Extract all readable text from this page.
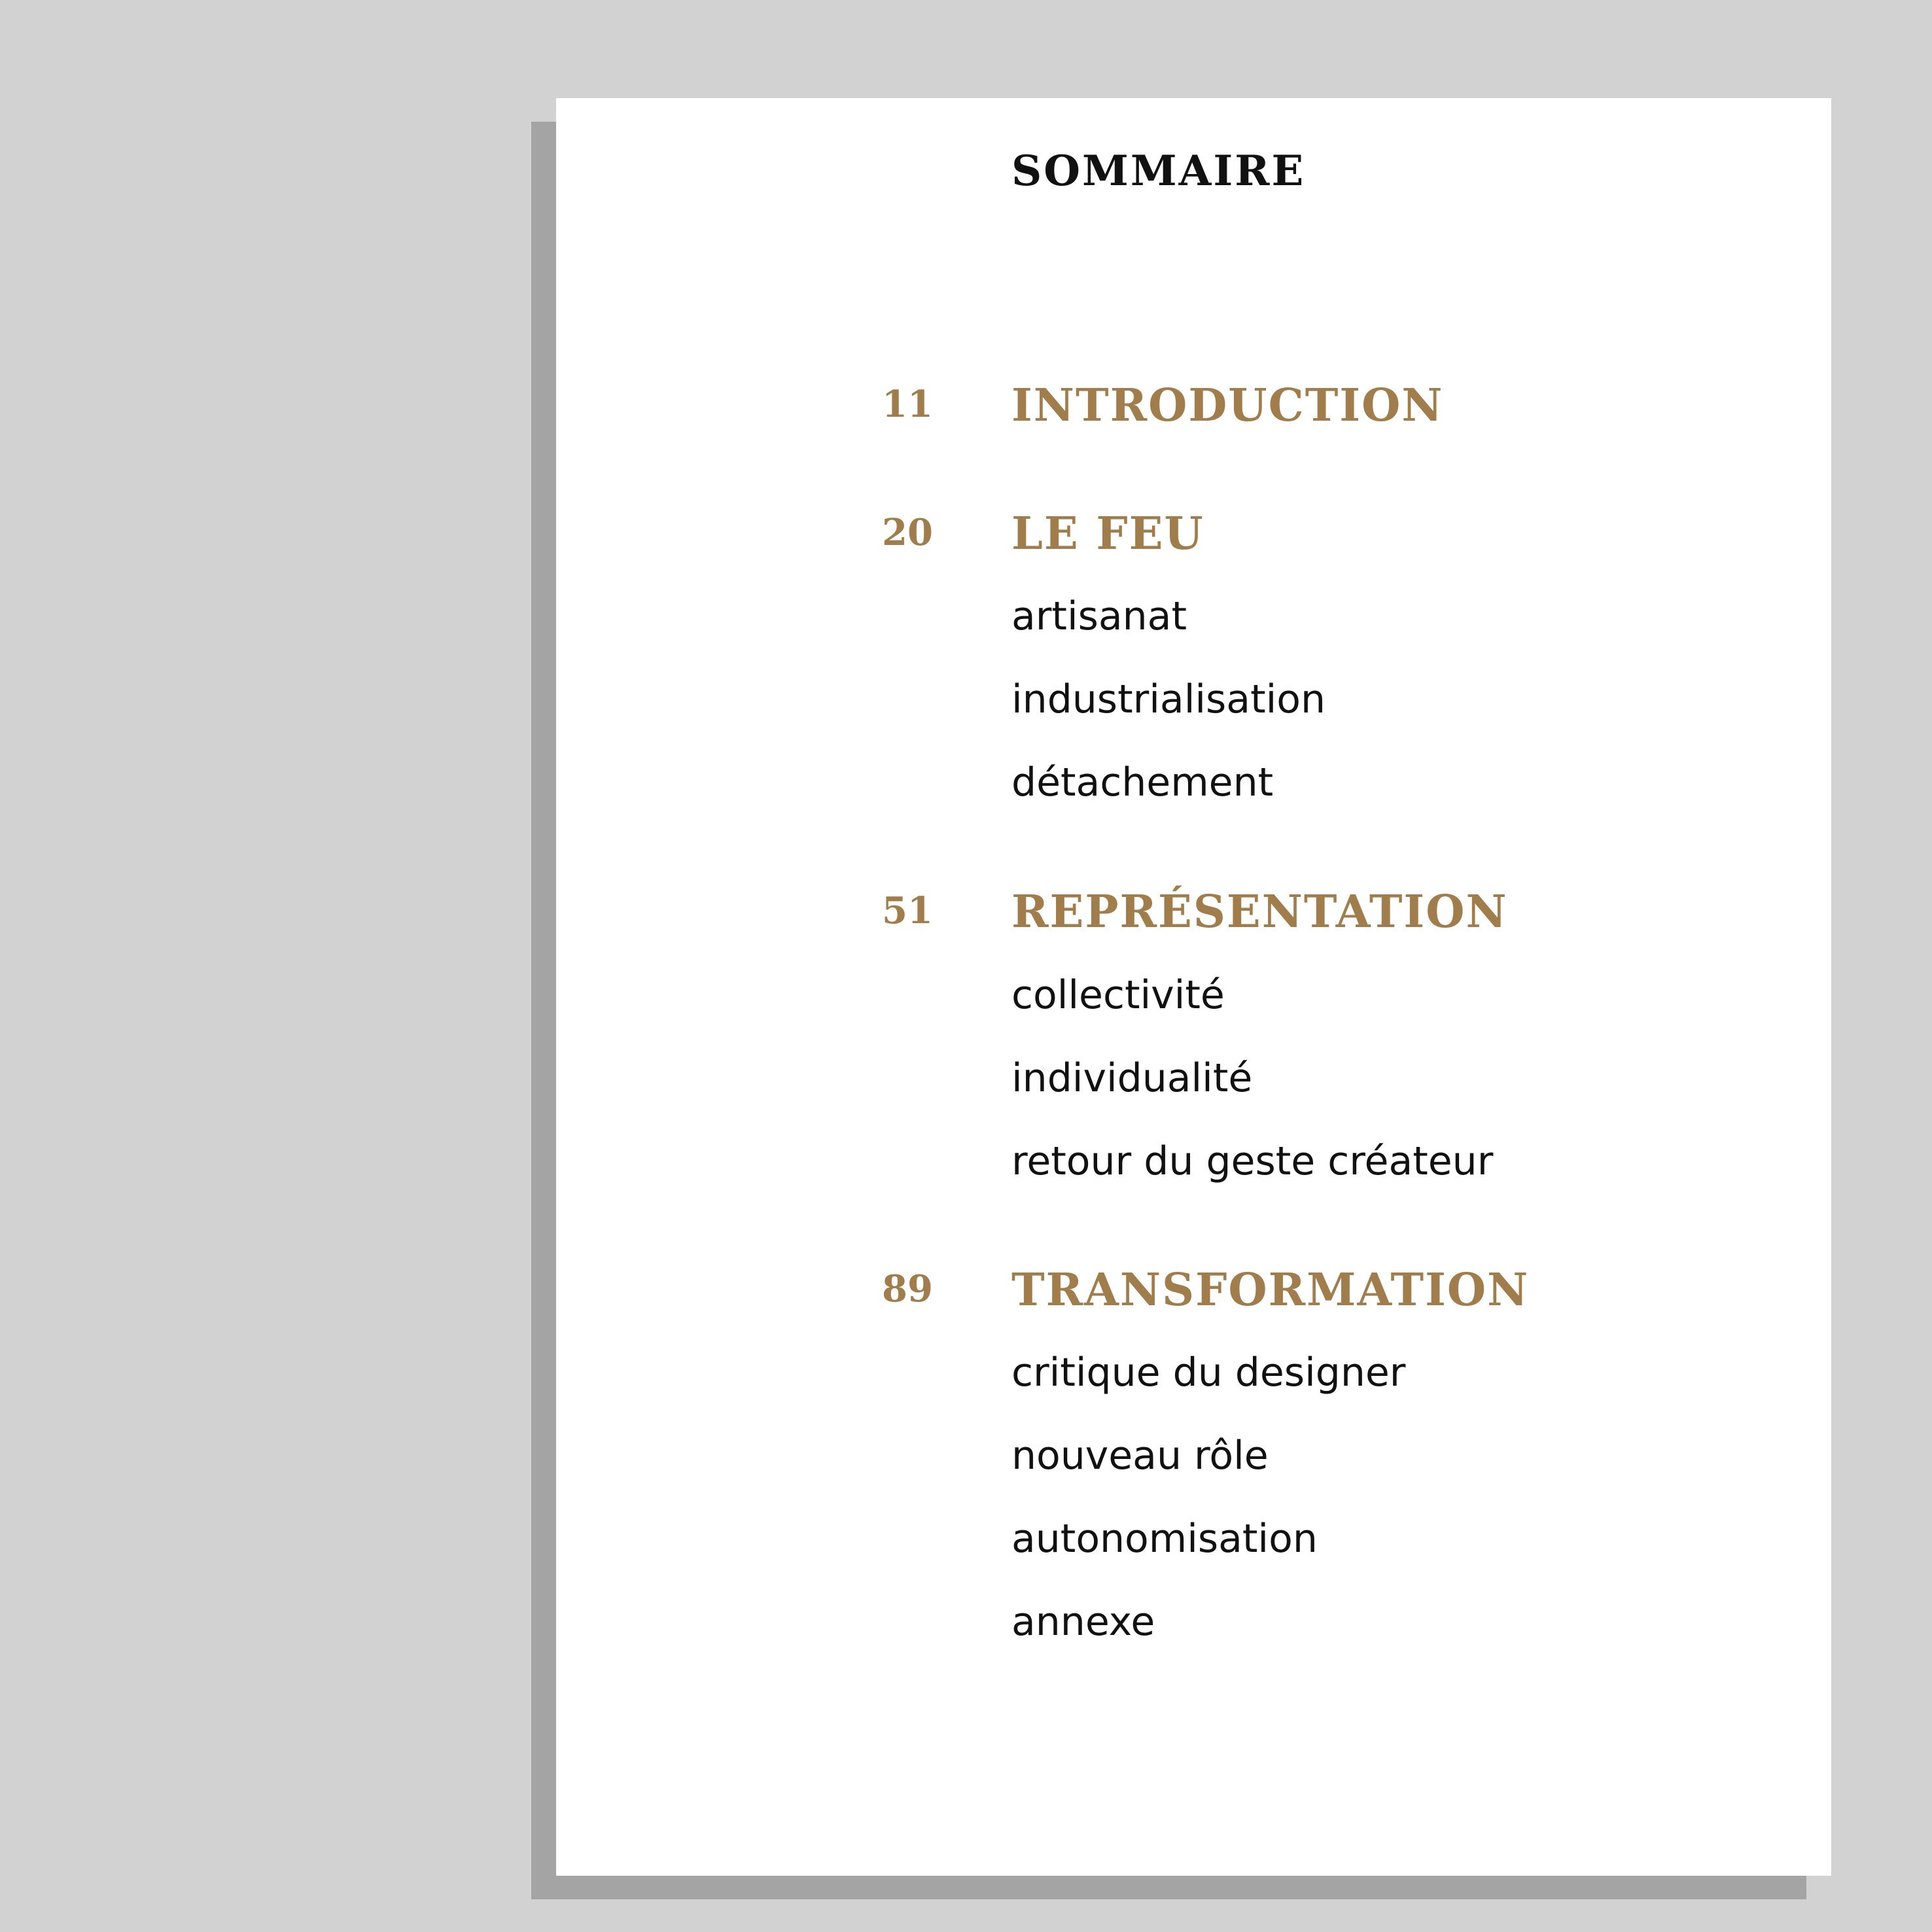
SOMMAIRE
11 INTRODUCTION
20 LE FEU
artisanat
industrialisation
détachement
51 REPRÉSENTATION
collectivité
individualité
retour du geste créateur
89 TRANSFORMATION
critique du designer
nouveau rôle
autonomisation
annexe
